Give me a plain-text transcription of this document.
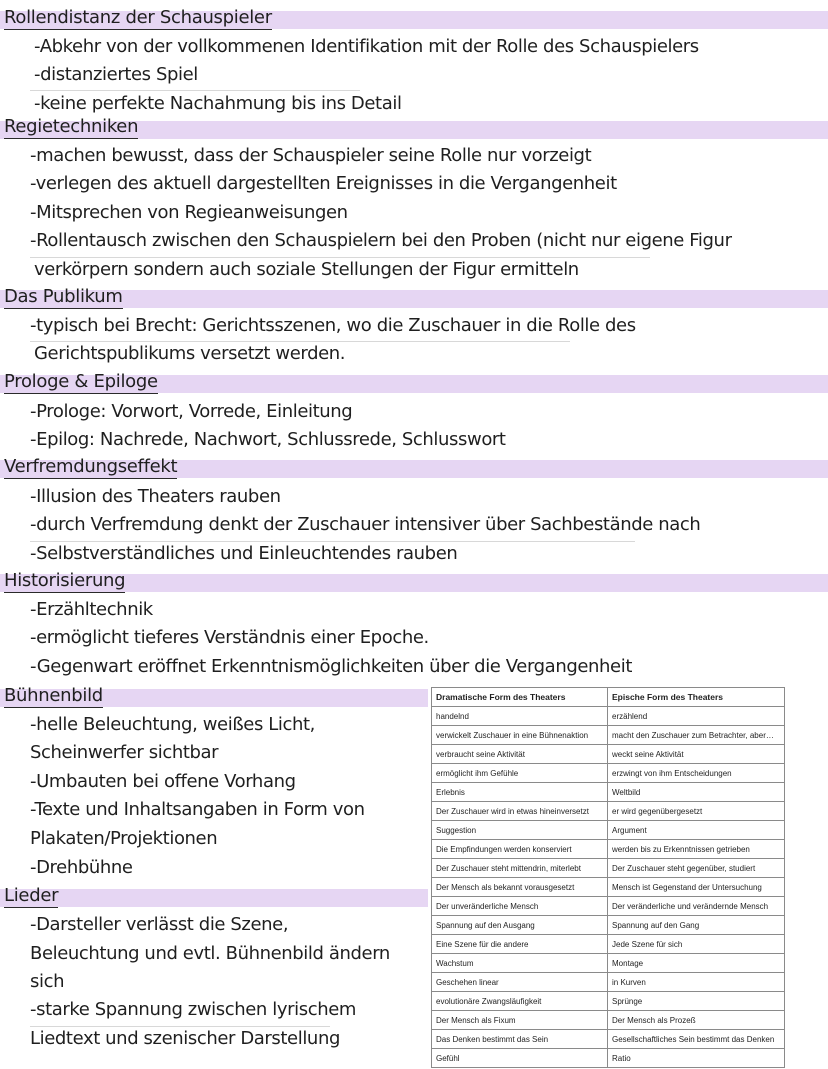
Rollendistanz der Schauspieler
-Abkehr von der vollkommenen Identifikation mit der Rolle des Schauspielers
-distanziertes Spiel
-keine perfekte Nachahmung bis ins Detail
Regietechniken
-machen bewusst, dass der Schauspieler seine Rolle nur vorzeigt
-verlegen des aktuell dargestellten Ereignisses in die Vergangenheit
-Mitsprechen von Regieanweisungen
-Rollentausch zwischen den Schauspielern bei den Proben (nicht nur eigene Figur
verkörpern sondern auch soziale Stellungen der Figur ermitteln
Das Publikum
-typisch bei Brecht: Gerichtsszenen, wo die Zuschauer in die Rolle des
Gerichtspublikums versetzt werden.
Prologe & Epiloge
-Prologe: Vorwort, Vorrede, Einleitung
-Epilog: Nachrede, Nachwort, Schlussrede, Schlusswort
Verfremdungseffekt
-Illusion des Theaters rauben
-durch Verfremdung denkt der Zuschauer intensiver über Sachbestände nach
-Selbstverständliches und Einleuchtendes rauben
Historisierung
-Erzähltechnik
-ermöglicht tieferes Verständnis einer Epoche.
-Gegenwart eröffnet Erkenntnismöglichkeiten über die Vergangenheit
Bühnenbild
-helle Beleuchtung, weißes Licht,
Scheinwerfer sichtbar
-Umbauten bei offene Vorhang
-Texte und Inhaltsangaben in Form von
Plakaten/Projektionen
-Drehbühne
Lieder
-Darsteller verlässt die Szene,
Beleuchtung und evtl. Bühnenbild ändern
sich
-starke Spannung zwischen lyrischem
Liedtext und szenischer Darstellung
Dramatische Form des Theaters	Epische Form des Theaters
handelnd	erzählend
verwickelt Zuschauer in eine Bühnenaktion	macht den Zuschauer zum Betrachter, aber…
verbraucht seine Aktivität	weckt seine Aktivität
ermöglicht ihm Gefühle	erzwingt von ihm Entscheidungen
Erlebnis	Weltbild
Der Zuschauer wird in etwas hineinversetzt	er wird gegenübergesetzt
Suggestion	Argument
Die Empfindungen werden konserviert	werden bis zu Erkenntnissen getrieben
Der Zuschauer steht mittendrin, miterlebt	Der Zuschauer steht gegenüber, studiert
Der Mensch als bekannt vorausgesetzt	Mensch ist Gegenstand der Untersuchung
Der unveränderliche Mensch	Der veränderliche und verändernde Mensch
Spannung auf den Ausgang	Spannung auf den Gang
Eine Szene für die andere	Jede Szene für sich
Wachstum	Montage
Geschehen linear	in Kurven
evolutionäre Zwangsläufigkeit	Sprünge
Der Mensch als Fixum	Der Mensch als Prozeß
Das Denken bestimmt das Sein	Gesellschaftliches Sein bestimmt das Denken
Gefühl	Ratio
